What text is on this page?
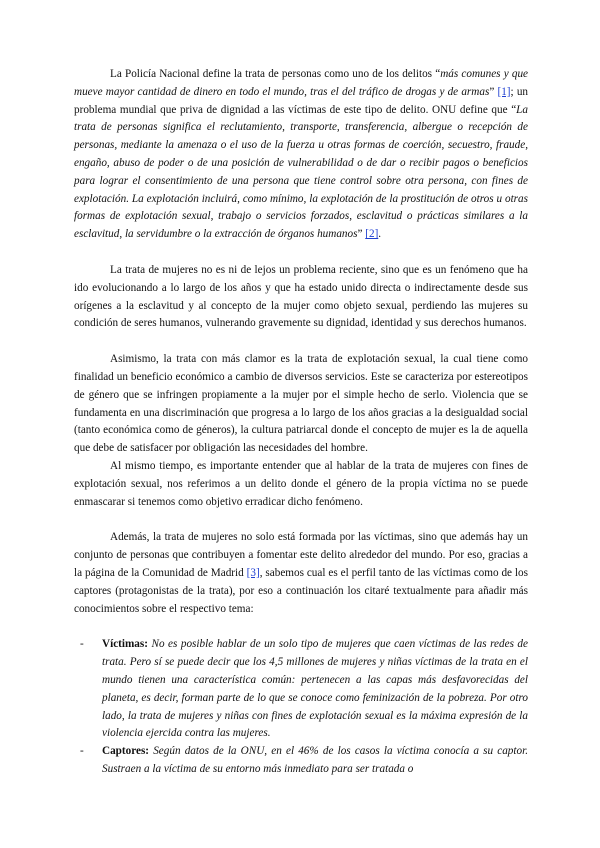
La Policía Nacional define la trata de personas como uno de los delitos “más comunes y que mueve mayor cantidad de dinero en todo el mundo, tras el del tráfico de drogas y de armas” [1]; un problema mundial que priva de dignidad a las víctimas de este tipo de delito. ONU define que “La trata de personas significa el reclutamiento, transporte, transferencia, albergue o recepción de personas, mediante la amenaza o el uso de la fuerza u otras formas de coerción, secuestro, fraude, engaño, abuso de poder o de una posición de vulnerabilidad o de dar o recibir pagos o beneficios para lograr el consentimiento de una persona que tiene control sobre otra persona, con fines de explotación. La explotación incluirá, como mínimo, la explotación de la prostitución de otros u otras formas de explotación sexual, trabajo o servicios forzados, esclavitud o prácticas similares a la esclavitud, la servidumbre o la extracción de órganos humanos” [2].

La trata de mujeres no es ni de lejos un problema reciente, sino que es un fenómeno que ha ido evolucionando a lo largo de los años y que ha estado unido directa o indirectamente desde sus orígenes a la esclavitud y al concepto de la mujer como objeto sexual, perdiendo las mujeres su condición de seres humanos, vulnerando gravemente su dignidad, identidad y sus derechos humanos.

Asimismo, la trata con más clamor es la trata de explotación sexual, la cual tiene como finalidad un beneficio económico a cambio de diversos servicios. Este se caracteriza por estereotipos de género que se infringen propiamente a la mujer por el simple hecho de serlo. Violencia que se fundamenta en una discriminación que progresa a lo largo de los años gracias a la desigualdad social (tanto económica como de géneros), la cultura patriarcal donde el concepto de mujer es la de aquella que debe de satisfacer por obligación las necesidades del hombre.

Al mismo tiempo, es importante entender que al hablar de la trata de mujeres con fines de explotación sexual, nos referimos a un delito donde el género de la propia víctima no se puede enmascarar si tenemos como objetivo erradicar dicho fenómeno.

Además, la trata de mujeres no solo está formada por las víctimas, sino que además hay un conjunto de personas que contribuyen a fomentar este delito alrededor del mundo. Por eso, gracias a la página de la Comunidad de Madrid [3], sabemos cual es el perfil tanto de las víctimas como de los captores (protagonistas de la trata), por eso a continuación los citaré textualmente para añadir más conocimientos sobre el respectivo tema:

- Víctimas: No es posible hablar de un solo tipo de mujeres que caen víctimas de las redes de trata. Pero sí se puede decir que los 4,5 millones de mujeres y niñas víctimas de la trata en el mundo tienen una característica común: pertenecen a las capas más desfavorecidas del planeta, es decir, forman parte de lo que se conoce como feminización de la pobreza. Por otro lado, la trata de mujeres y niñas con fines de explotación sexual es la máxima expresión de la violencia ejercida contra las mujeres.
- Captores: Según datos de la ONU, en el 46% de los casos la víctima conocía a su captor. Sustraen a la víctima de su entorno más inmediato para ser tratada o
